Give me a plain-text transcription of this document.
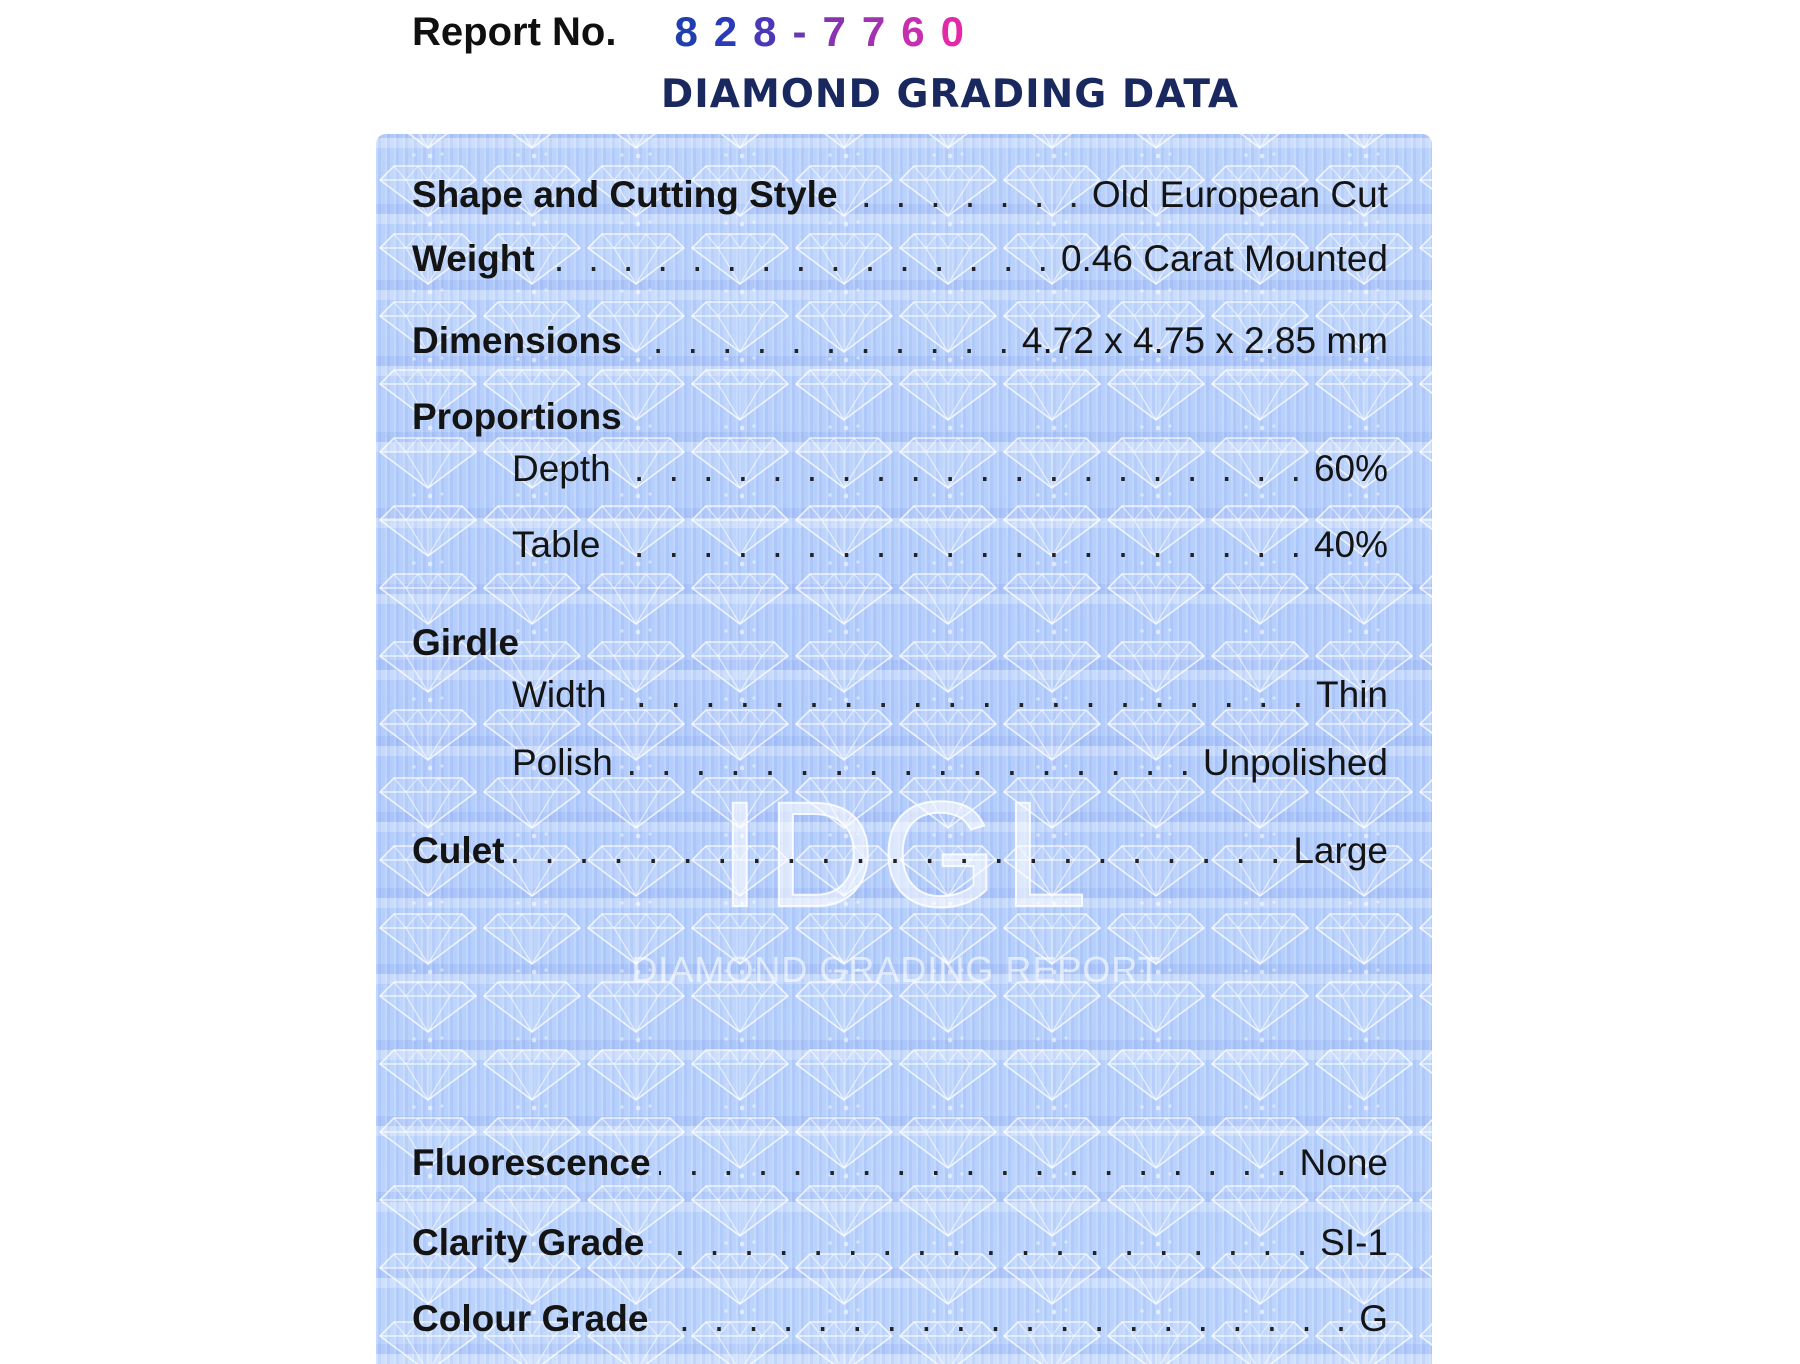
Report No. 8 2 8 - 7 7 6 0
DIAMOND GRADING DATA
IDGL
DIAMOND GRADING REPORT
Shape and Cutting Style . . .	Old European Cut
Weight . . .	0.46 Carat Mounted
Dimensions . . .	4.72 x 4.75 x 2.85 mm
Proportions
Depth . . .	60%
Table . . .	40%
Girdle
Width . . .	Thin
Polish . . .	Unpolished
Culet . . .	Large
Fluorescence . . .	None
Clarity Grade . . .	SI-1
Colour Grade . . .	G
